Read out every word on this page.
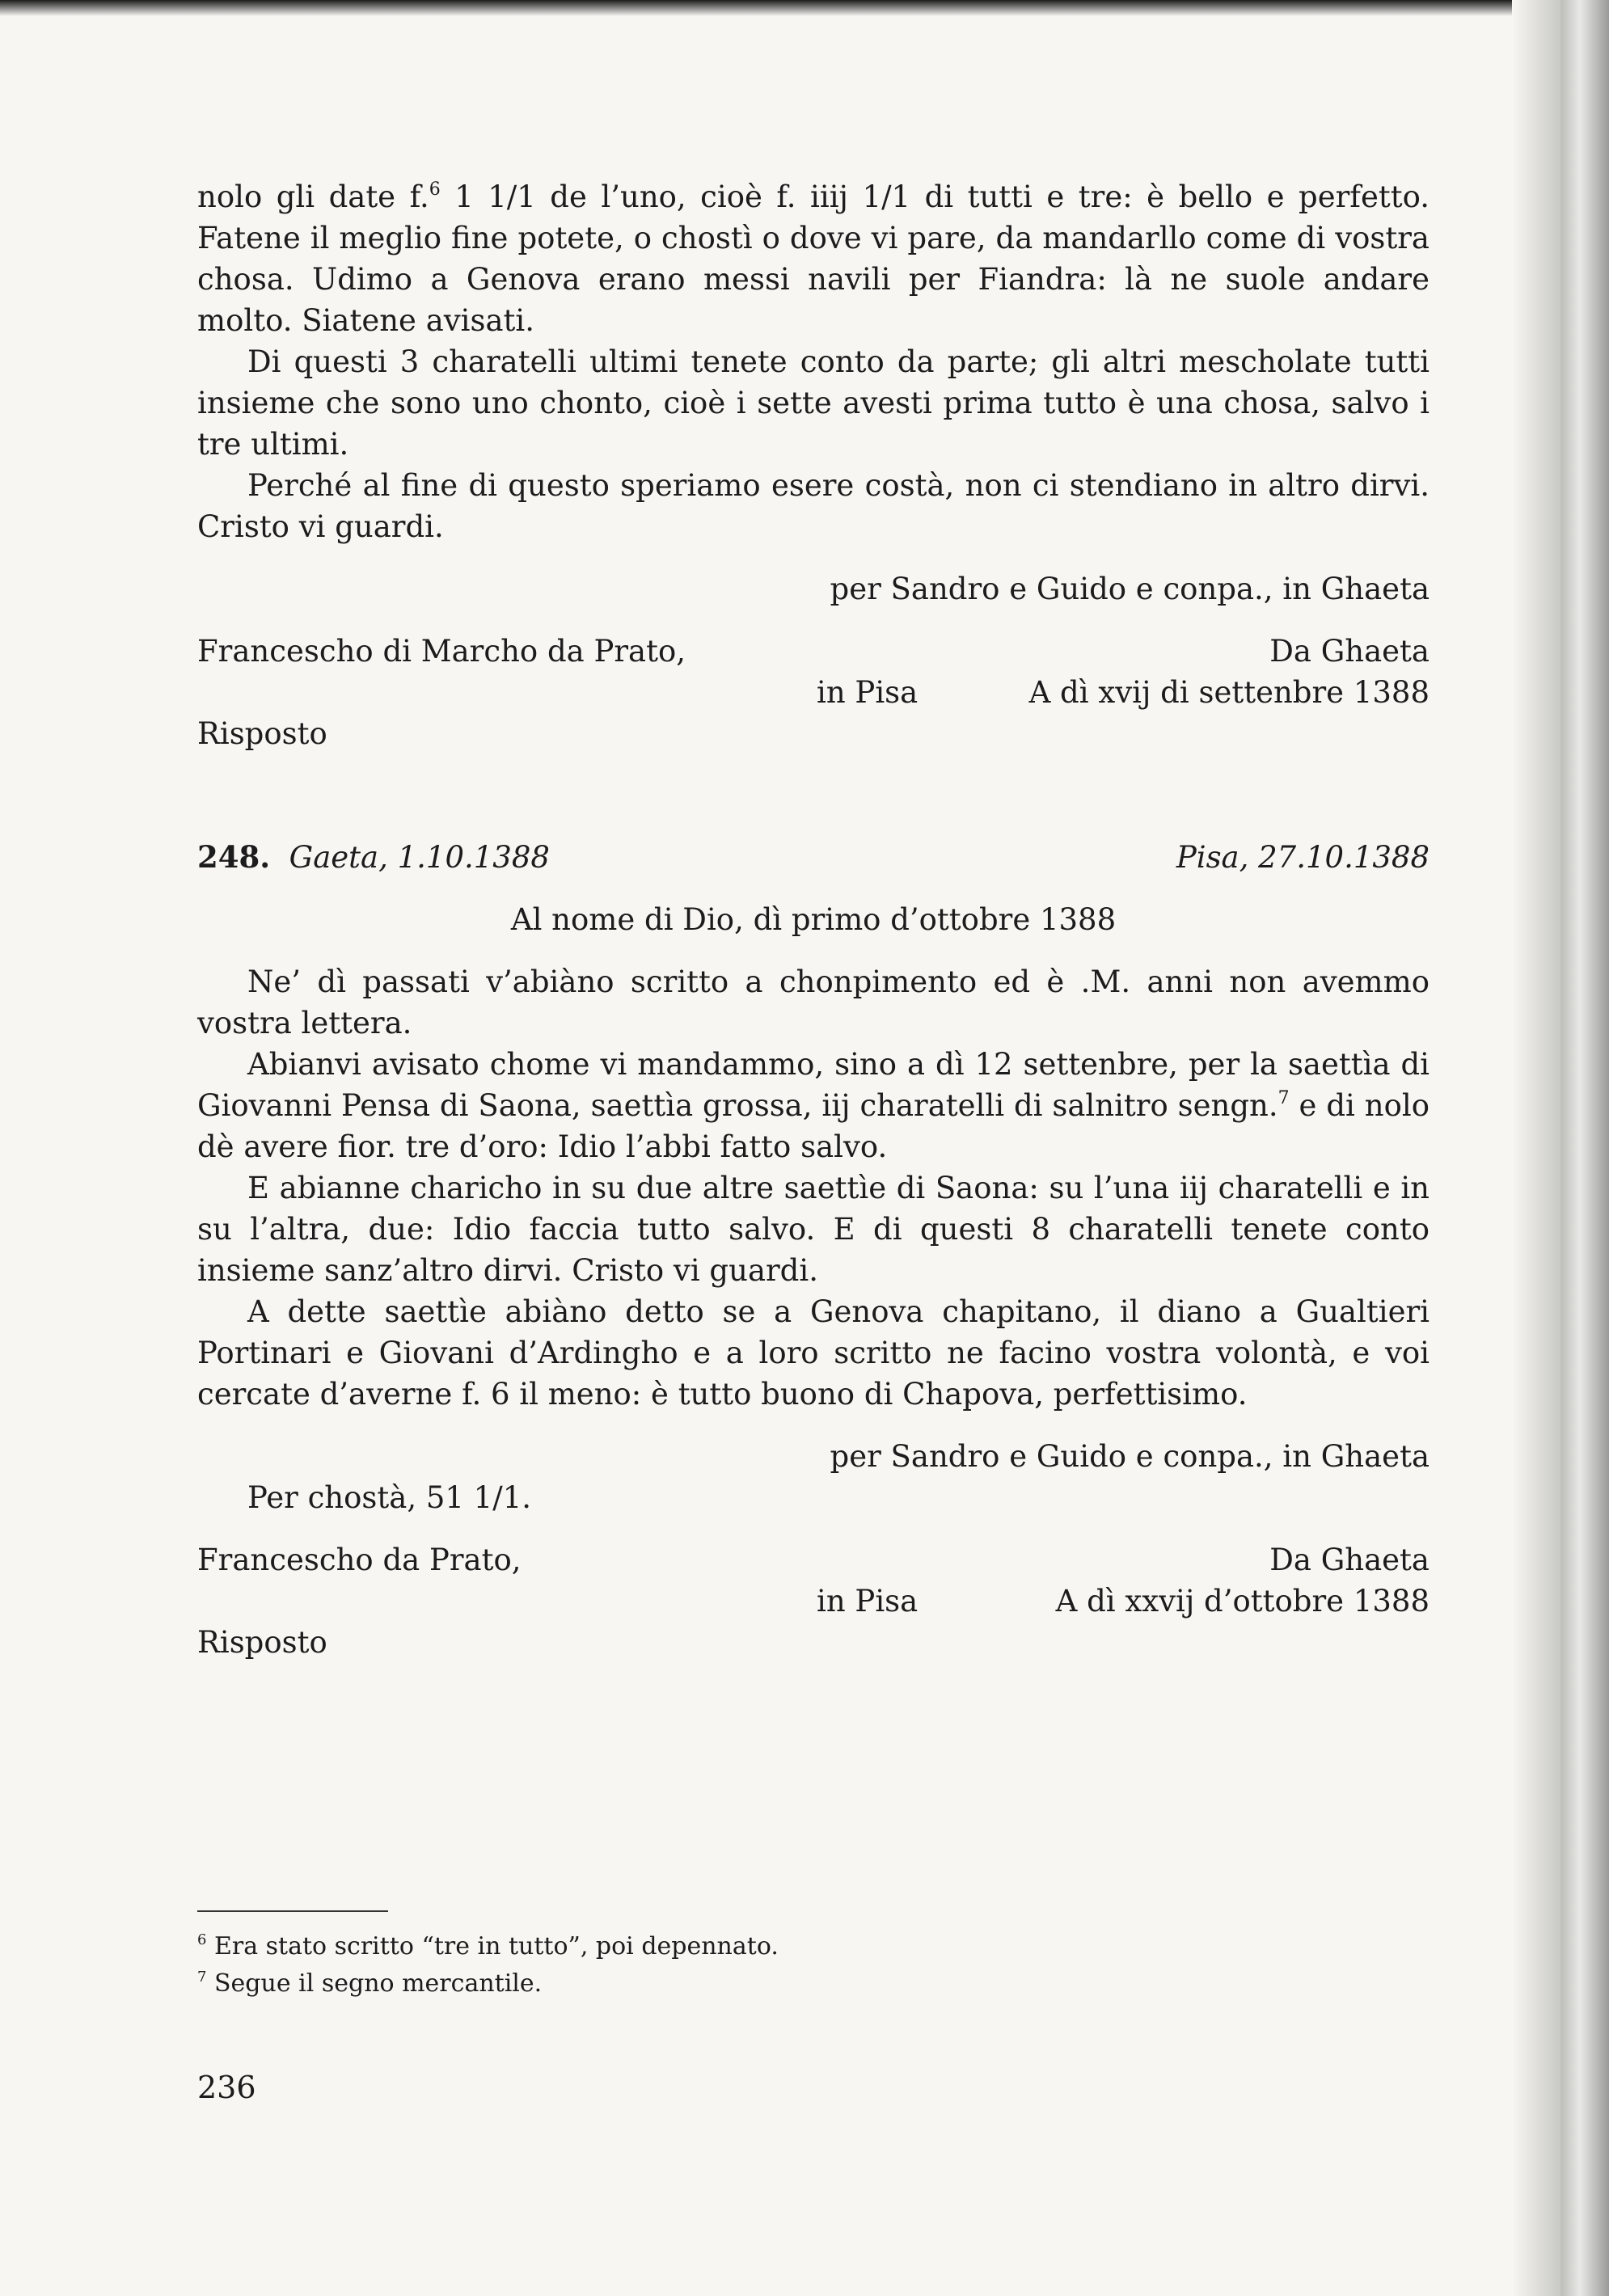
nolo gli date f.$^6$ 1 1/1 de l’uno, cioè f. iiij 1/1 di tutti e tre: è bello e perfetto. Fatene il meglio fine potete, o chostì o dove vi pare, da mandarllo come di vostra chosa. Udimo a Genova erano messi navili per Fiandra: là ne suole andare molto. Siatene avisati.

Di questi 3 charatelli ultimi tenete conto da parte; gli altri mescholate tutti insieme che sono uno chonto, cioè i sette avesti prima tutto è una chosa, salvo i tre ultimi.

Perché al fine di questo speriamo esere costà, non ci stendiano in altro dirvi. Cristo vi guardi.

per Sandro e Guido e conpa., in Ghaeta

Francescho di Marcho da Prato,	Da Ghaeta
in Pisa	A dì xvij di settenbre 1388

Risposto

248. Gaeta, 1.10.1388	Pisa, 27.10.1388

Al nome di Dio, dì primo d’ottobre 1388

Ne’ dì passati v’abiàno scritto a chonpimento ed è .M. anni non avemmo vostra lettera.

Abianvi avisato chome vi mandammo, sino a dì 12 settenbre, per la saettìa di Giovanni Pensa di Saona, saettìa grossa, iij charatelli di salnitro sengn.$^7$ e di nolo dè avere fior. tre d’oro: Idio l’abbi fatto salvo.

E abianne charicho in su due altre saettìe di Saona: su l’una iij charatelli e in su l’altra, due: Idio faccia tutto salvo. E di questi 8 charatelli tenete conto insieme sanz’altro dirvi. Cristo vi guardi.

A dette saettìe abiàno detto se a Genova chapitano, il diano a Gualtieri Portinari e Giovani d’Ardingho e a loro scritto ne facino vostra volontà, e voi cercate d’averne f. 6 il meno: è tutto buono di Chapova, perfettisimo.

per Sandro e Guido e conpa., in Ghaeta

Per chostà, 51 1/1.

Francescho da Prato,	Da Ghaeta
in Pisa	A dì xxvij d’ottobre 1388

Risposto

$^6$ Era stato scritto “tre in tutto”, poi depennato.
$^7$ Segue il segno mercantile.
236
